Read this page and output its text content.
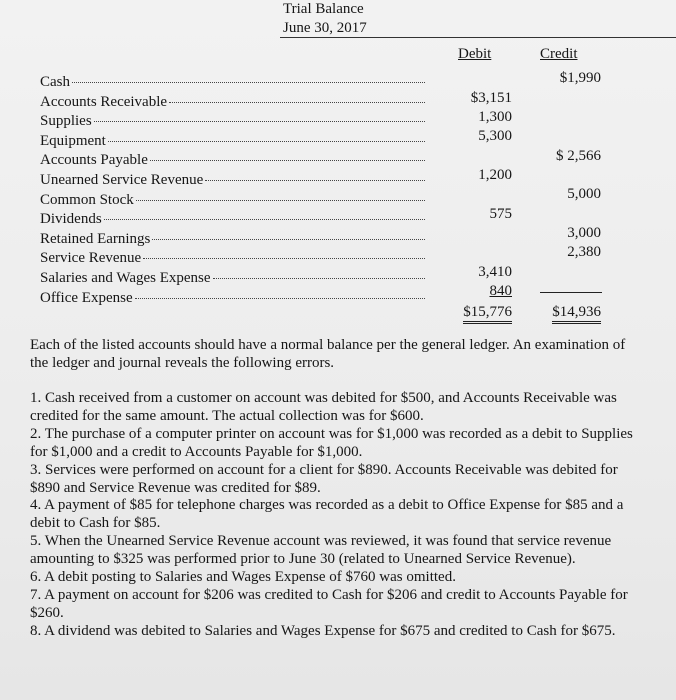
Trial Balance
June 30, 2017
Debit	Credit
Cash
Accounts Receivable
Supplies
Equipment
Accounts Payable
Unearned Service Revenue
Common Stock
Dividends
Retained Earnings
Service Revenue
Salaries and Wages Expense
Office Expense
$3,151
1,300
5,300
1,200
575
3,410
840
$15,776
$1,990
$ 2,566
5,000
3,000
2,380
$14,936
Each of the listed accounts should have a normal balance per the general ledger. An examination of the ledger and journal reveals the following errors.

1. Cash received from a customer on account was debited for $500, and Accounts Receivable was credited for the same amount. The actual collection was for $600.

2. The purchase of a computer printer on account was for $1,000 was recorded as a debit to Supplies for $1,000 and a credit to Accounts Payable for $1,000.

3. Services were performed on account for a client for $890. Accounts Receivable was debited for $890 and Service Revenue was credited for $89.

4. A payment of $85 for telephone charges was recorded as a debit to Office Expense for $85 and a debit to Cash for $85.

5. When the Unearned Service Revenue account was reviewed, it was found that service revenue amounting to $325 was performed prior to June 30 (related to Unearned Service Revenue).

6. A debit posting to Salaries and Wages Expense of $760 was omitted.

7. A payment on account for $206 was credited to Cash for $206 and credit to Accounts Payable for $260.

8. A dividend was debited to Salaries and Wages Expense for $675 and credited to Cash for $675.
